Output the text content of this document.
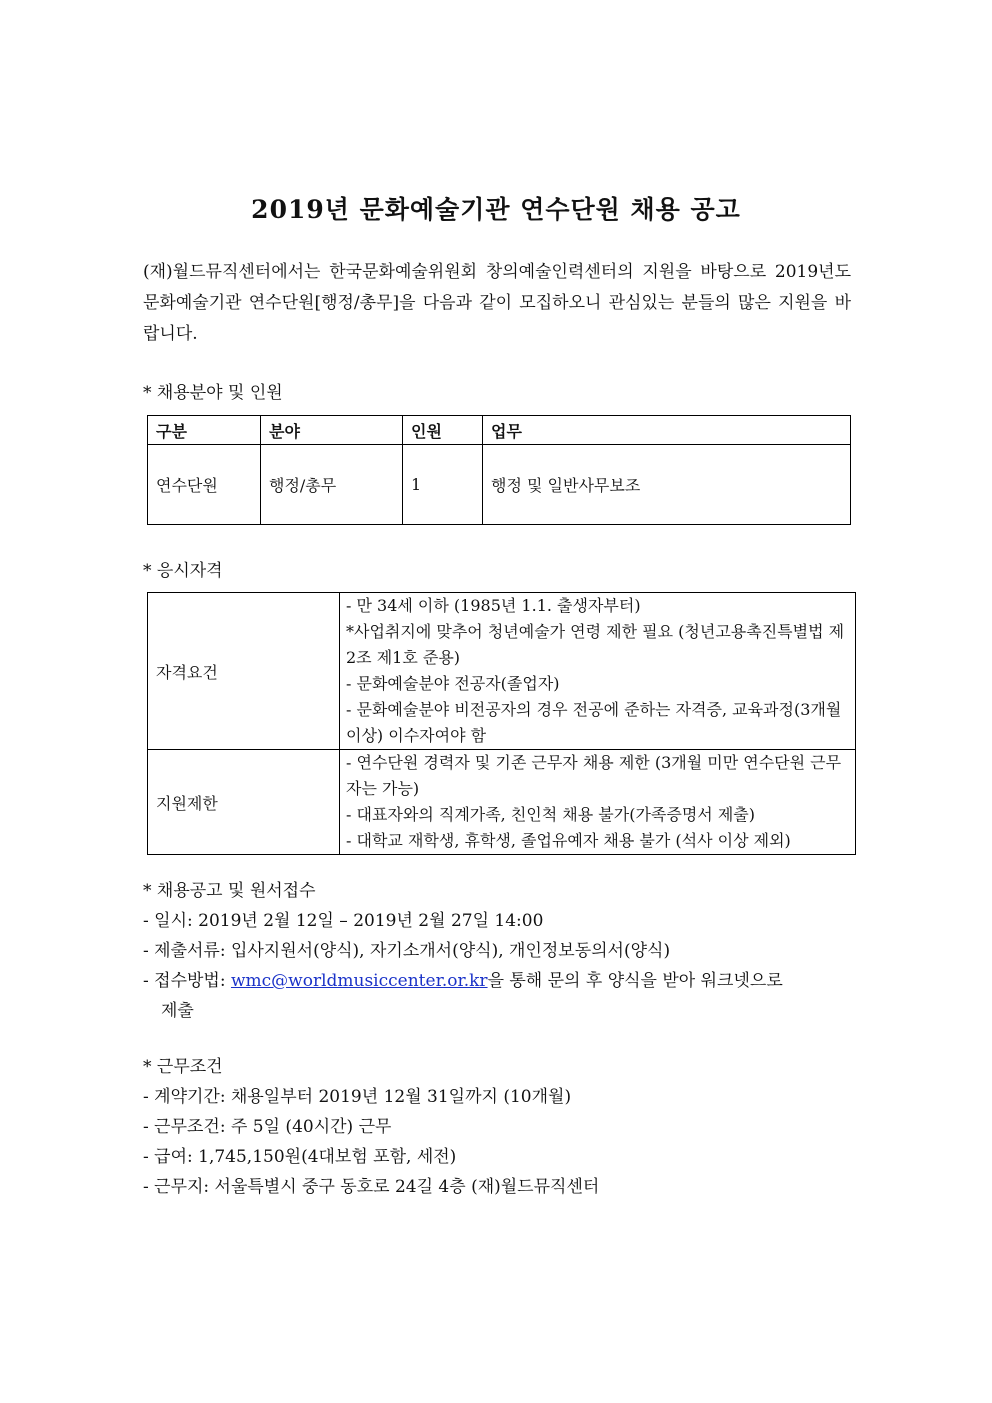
2019년 문화예술기관 연수단원 채용 공고
(재)월드뮤직센터에서는 한국문화예술위원회 창의예술인력센터의 지원을 바탕으로 2019년도 문화예술기관 연수단원[행정/총무]을 다음과 같이 모집하오니 관심있는 분들의 많은 지원을 바랍니다.
* 채용분야 및 인원
구분	분야	인원	업무
연수단원	행정/총무	1	행정 및 일반사무보조
* 응시자격
자격요건	- 만 34세 이하 (1985년 1.1. 출생자부터)
*사업취지에 맞추어 청년예술가 연령 제한 필요 (청년고용촉진특별법 제2조 제1호 준용)
- 문화예술분야 전공자(졸업자)
- 문화예술분야 비전공자의 경우 전공에 준하는 자격증, 교육과정(3개월 이상) 이수자여야 함

지원제한	- 연수단원 경력자 및 기존 근무자 채용 제한 (3개월 미만 연수단원 근무자는 가능)
- 대표자와의 직계가족, 친인척 채용 불가(가족증명서 제출)
- 대학교 재학생, 휴학생, 졸업유예자 채용 불가 (석사 이상 제외)
* 채용공고 및 원서접수
- 일시: 2019년 2월 12일 – 2019년 2월 27일 14:00
- 제출서류: 입사지원서(양식), 자기소개서(양식), 개인정보동의서(양식)
- 접수방법: wmc@worldmusiccenter.or.kr을 통해 문의 후 양식을 받아 워크넷으로
제출
* 근무조건
- 계약기간: 채용일부터 2019년 12월 31일까지 (10개월)
- 근무조건: 주 5일 (40시간) 근무
- 급여: 1,745,150원(4대보험 포함, 세전)
- 근무지: 서울특별시 중구 동호로 24길 4층 (재)월드뮤직센터
